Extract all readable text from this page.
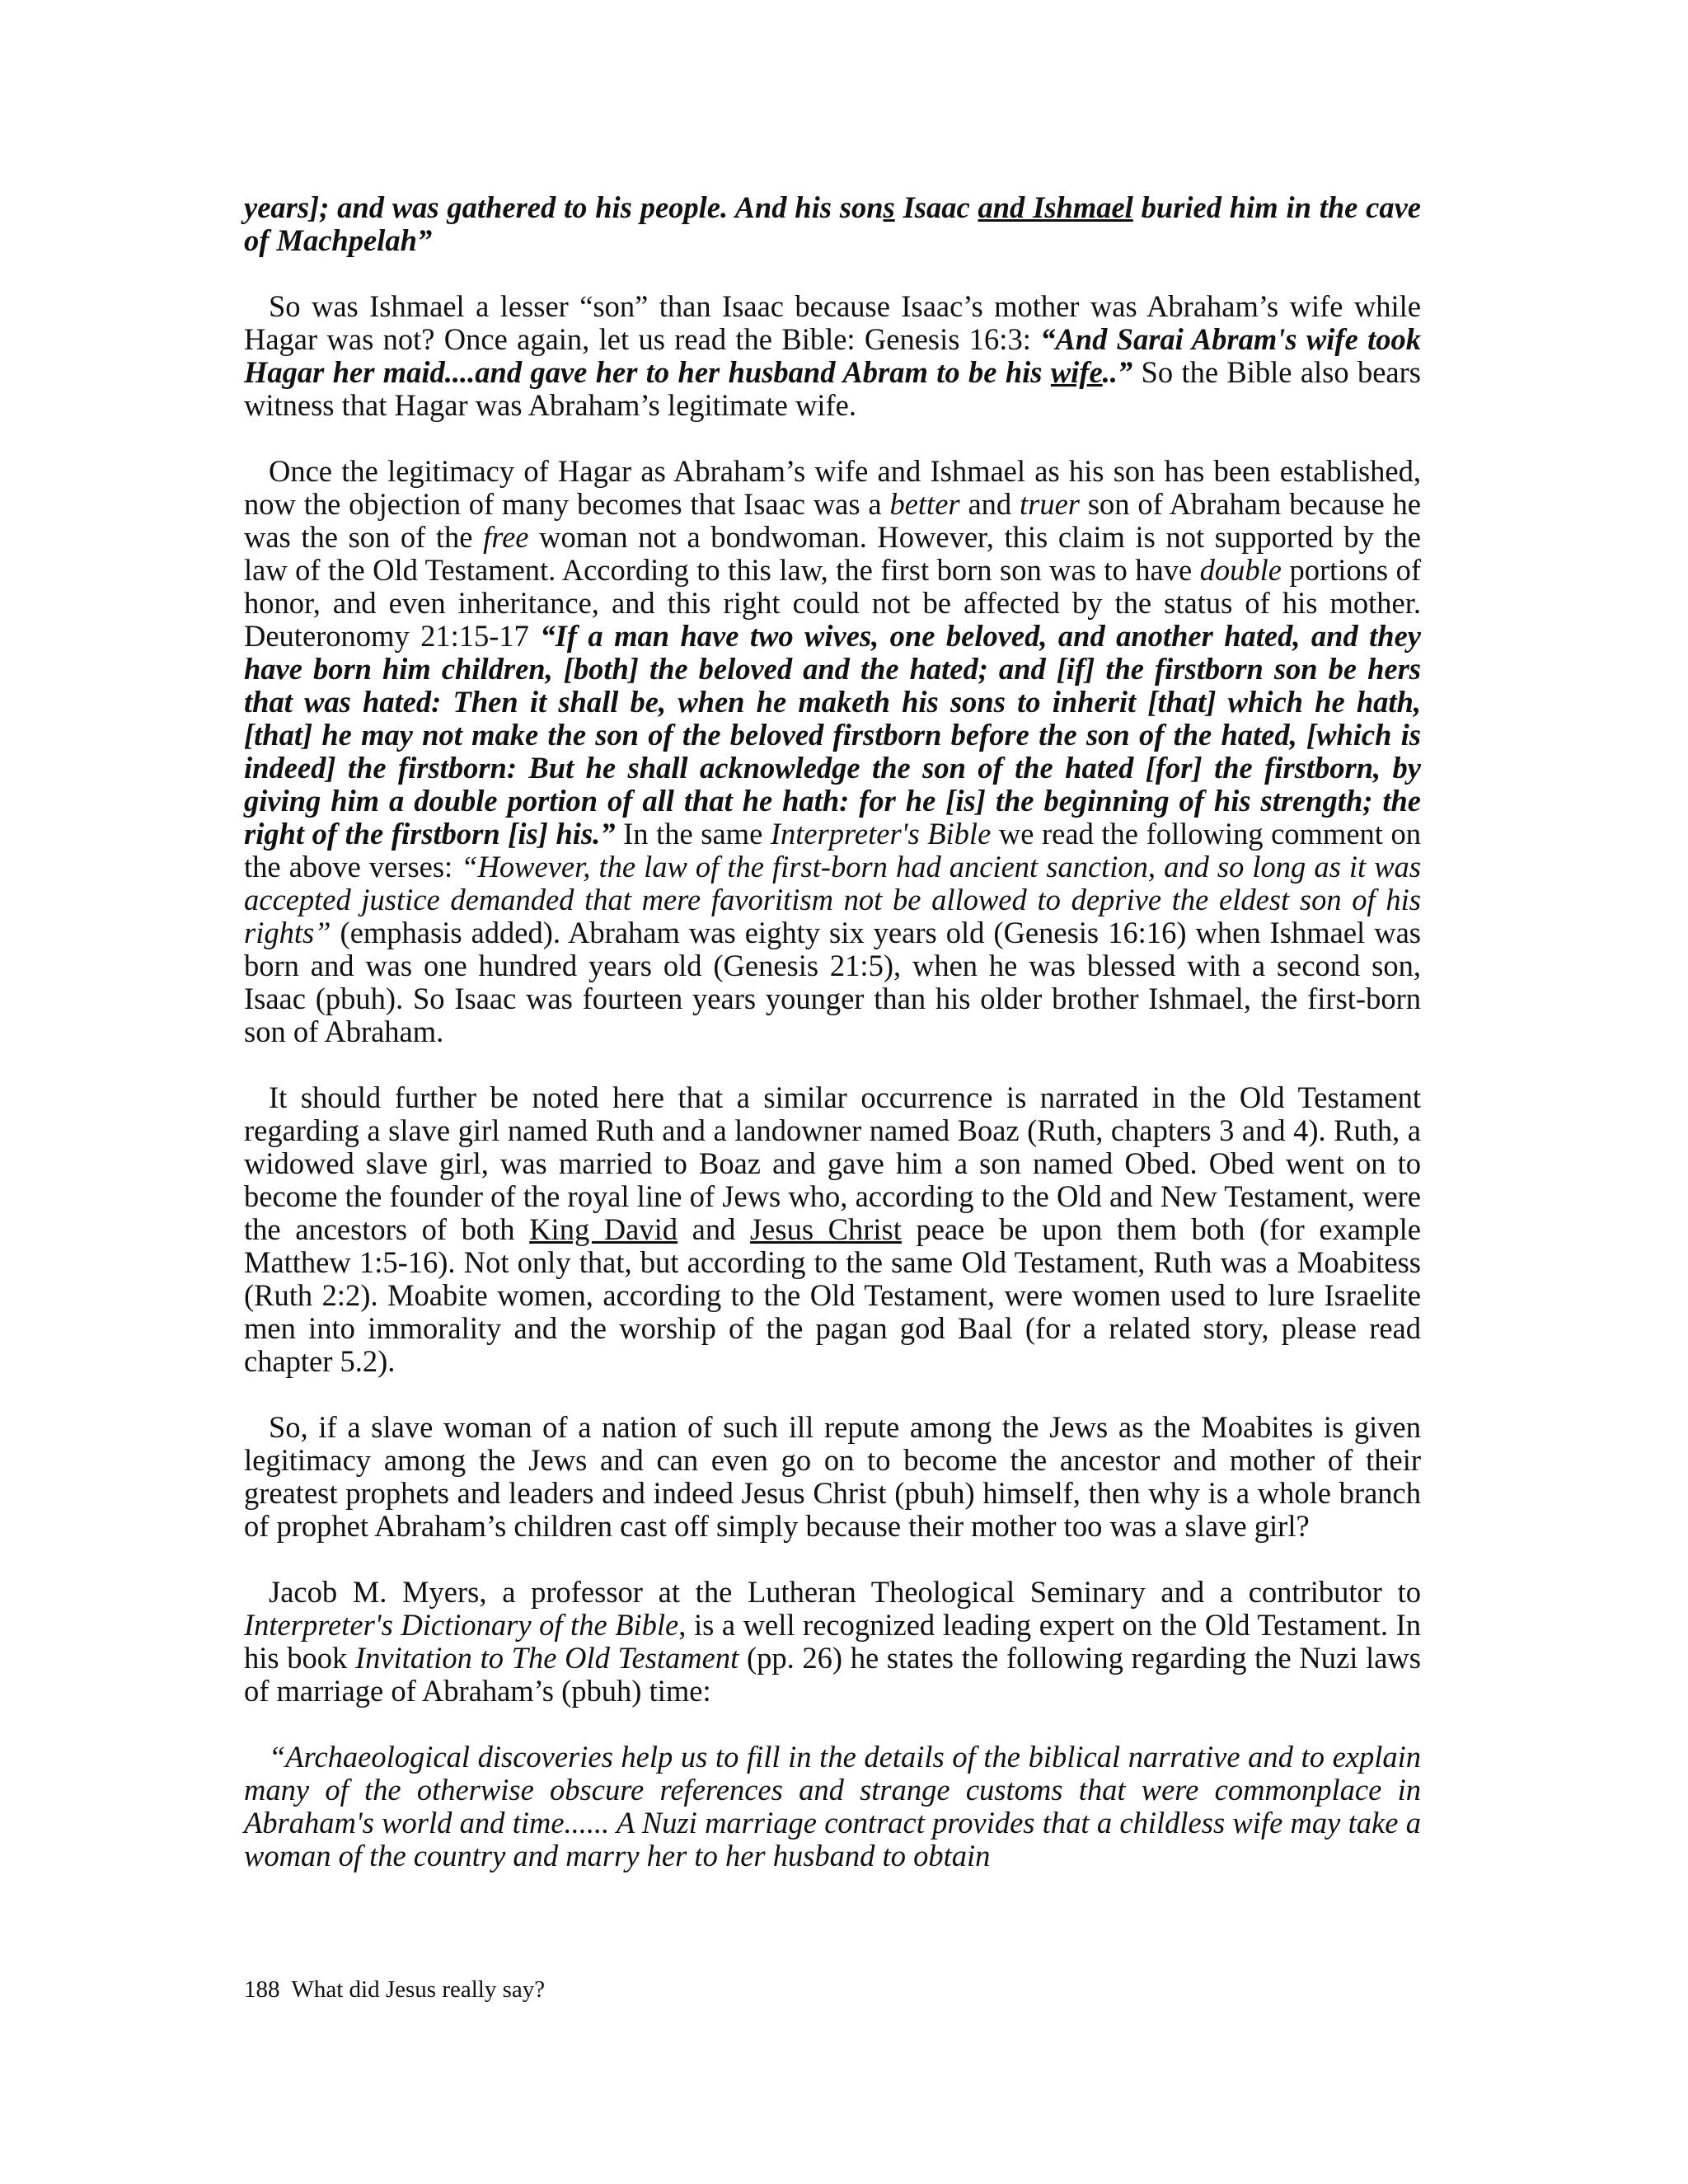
years]; and was gathered to his people. And his sons Isaac and Ishmael buried him in the cave of Machpelah”

So was Ishmael a lesser “son” than Isaac because Isaac’s mother was Abraham’s wife while Hagar was not? Once again, let us read the Bible: Genesis 16:3: “And Sarai Abram's wife took Hagar her maid....and gave her to her husband Abram to be his wife..” So the Bible also bears witness that Hagar was Abraham’s legitimate wife.

Once the legitimacy of Hagar as Abraham’s wife and Ishmael as his son has been established, now the objection of many becomes that Isaac was a better and truer son of Abraham because he was the son of the free woman not a bondwoman. However, this claim is not supported by the law of the Old Testament. According to this law, the first born son was to have double portions of honor, and even inheritance, and this right could not be affected by the status of his mother. Deuteronomy 21:15-17 “If a man have two wives, one beloved, and another hated, and they have born him children, [both] the beloved and the hated; and [if] the firstborn son be hers that was hated: Then it shall be, when he maketh his sons to inherit [that] which he hath, [that] he may not make the son of the beloved firstborn before the son of the hated, [which is indeed] the firstborn: But he shall acknowledge the son of the hated [for] the firstborn, by giving him a double portion of all that he hath: for he [is] the beginning of his strength; the right of the firstborn [is] his.” In the same Interpreter's Bible we read the following comment on the above verses: “However, the law of the first-born had ancient sanction, and so long as it was accepted justice demanded that mere favoritism not be allowed to deprive the eldest son of his rights” (emphasis added). Abraham was eighty six years old (Genesis 16:16) when Ishmael was born and was one hundred years old (Genesis 21:5), when he was blessed with a second son, Isaac (pbuh). So Isaac was fourteen years younger than his older brother Ishmael, the first-born son of Abraham.

It should further be noted here that a similar occurrence is narrated in the Old Testament regarding a slave girl named Ruth and a landowner named Boaz (Ruth, chapters 3 and 4). Ruth, a widowed slave girl, was married to Boaz and gave him a son named Obed. Obed went on to become the founder of the royal line of Jews who, according to the Old and New Testament, were the ancestors of both King David and Jesus Christ peace be upon them both (for example Matthew 1:5-16). Not only that, but according to the same Old Testament, Ruth was a Moabitess (Ruth 2:2). Moabite women, according to the Old Testament, were women used to lure Israelite men into immorality and the worship of the pagan god Baal (for a related story, please read chapter 5.2).

So, if a slave woman of a nation of such ill repute among the Jews as the Moabites is given legitimacy among the Jews and can even go on to become the ancestor and mother of their greatest prophets and leaders and indeed Jesus Christ (pbuh) himself, then why is a whole branch of prophet Abraham’s children cast off simply because their mother too was a slave girl?

Jacob M. Myers, a professor at the Lutheran Theological Seminary and a contributor to Interpreter's Dictionary of the Bible, is a well recognized leading expert on the Old Testament. In his book Invitation to The Old Testament (pp. 26) he states the following regarding the Nuzi laws of marriage of Abraham’s (pbuh) time:

“Archaeological discoveries help us to fill in the details of the biblical narrative and to explain many of the otherwise obscure references and strange customs that were commonplace in Abraham's world and time...... A Nuzi marriage contract provides that a childless wife may take a woman of the country and marry her to her husband to obtain

188 What did Jesus really say?
